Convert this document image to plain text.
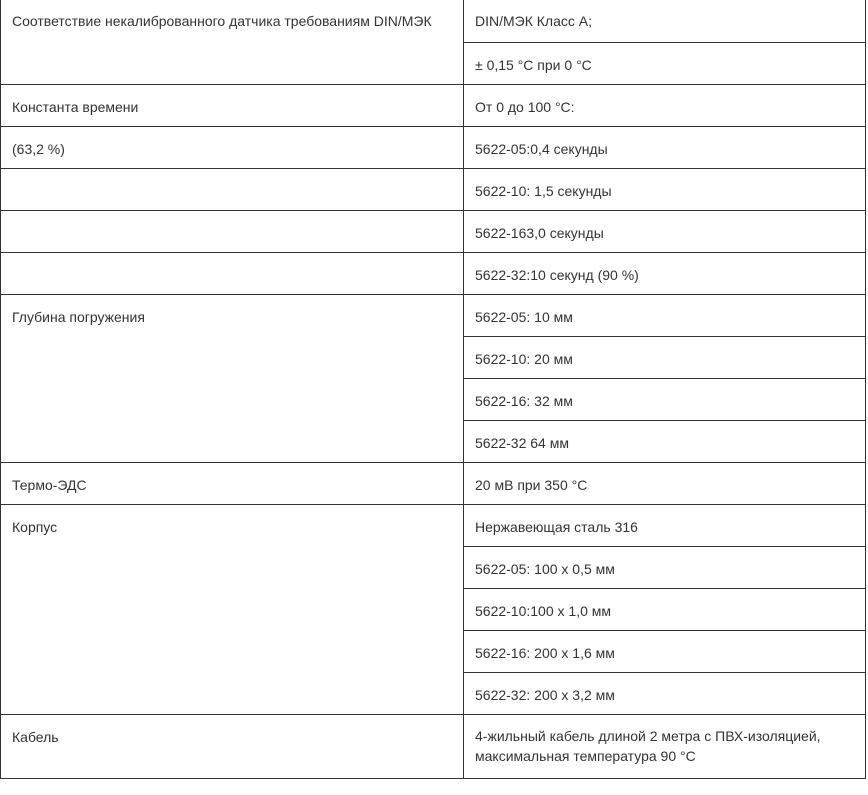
Соответствие некалиброванного датчика требованиям DIN/МЭК	DIN/МЭК Класс А;
	± 0,15 °C при 0 °C
Константа времени	От 0 до 100 °C:
(63,2 %)	5622-05:0,4 секунды
	5622-10: 1,5 секунды
	5622-163,0 секунды
	5622-32:10 секунд (90 %)
Глубина погружения	5622-05: 10 мм
	5622-10: 20 мм
	5622-16: 32 мм
	5622-32 64 мм
Термо-ЭДС	20 мВ при 350 °C
Корпус	Нержавеющая сталь 316
	5622-05: 100 x 0,5 мм
	5622-10:100 x 1,0 мм
	5622-16: 200 x 1,6 мм
	5622-32: 200 x 3,2 мм
Кабель	4-жильный кабель длиной 2 метра с ПВХ-изоляцией, максимальная температура 90 °C
